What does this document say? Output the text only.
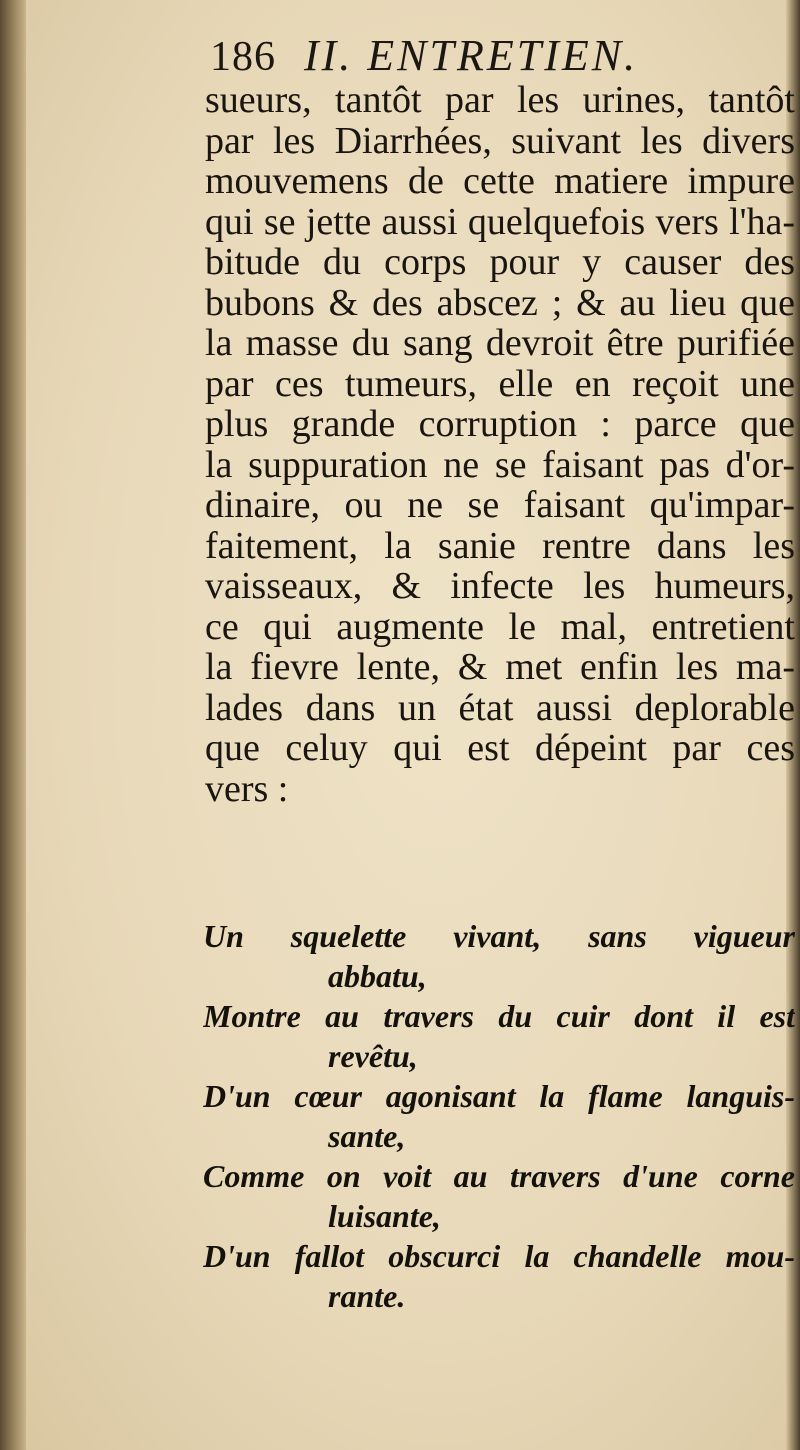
186 II. ENTRETIEN.
sueurs, tantôt par les urines, tantôt
par les Diarrhées, suivant les divers
mouvemens de cette matiere impure
qui se jette aussi quelquefois vers l'ha-
bitude du corps pour y causer des
bubons & des abscez ; & au lieu que
la masse du sang devroit être purifiée
par ces tumeurs, elle en reçoit une
plus grande corruption : parce que
la suppuration ne se faisant pas d'or-
dinaire, ou ne se faisant qu'impar-
faitement, la sanie rentre dans les
vaisseaux, & infecte les humeurs,
ce qui augmente le mal, entretient
la fievre lente, & met enfin les ma-
lades dans un état aussi deplorable
que celuy qui est dépeint par ces
vers :
Un squelette vivant, sans vigueur
abbatu,
Montre au travers du cuir dont il est
revêtu,
D'un cœur agonisant la flame languis-
sante,
Comme on voit au travers d'une corne
luisante,
D'un fallot obscurci la chandelle mou-
rante.
